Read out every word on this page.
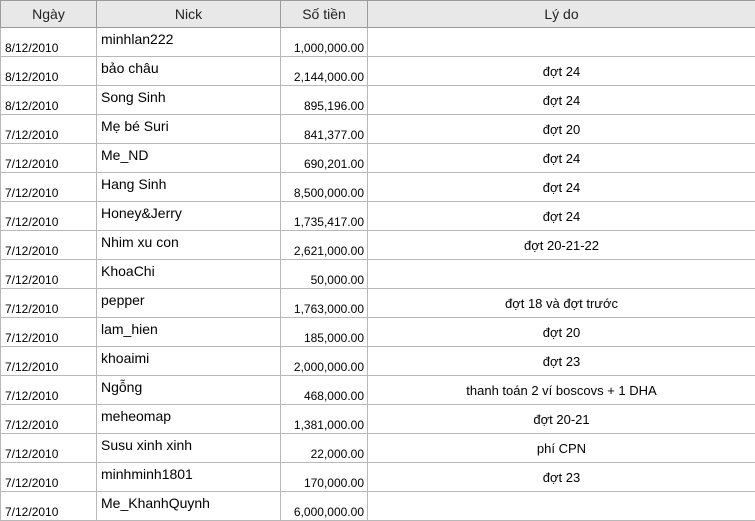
Ngày	Nick	Số tiền	Lý do
8/12/2010	minhlan222	1,000,000.00	
8/12/2010	bảo châu	2,144,000.00	đợt 24
8/12/2010	Song Sinh	895,196.00	đợt 24
7/12/2010	Mẹ bé Suri	841,377.00	đợt 20
7/12/2010	Me_ND	690,201.00	đợt 24
7/12/2010	Hang Sinh	8,500,000.00	đợt 24
7/12/2010	Honey&Jerry	1,735,417.00	đợt 24
7/12/2010	Nhim xu con	2,621,000.00	đợt 20-21-22
7/12/2010	KhoaChi	50,000.00	
7/12/2010	pepper	1,763,000.00	đợt 18 và đợt trước
7/12/2010	lam_hien	185,000.00	đợt 20
7/12/2010	khoaimi	2,000,000.00	đợt 23
7/12/2010	Ngỗng	468,000.00	thanh toán 2 ví boscovs + 1 DHA
7/12/2010	meheomap	1,381,000.00	đợt 20-21
7/12/2010	Susu xinh xinh	22,000.00	phí CPN
7/12/2010	minhminh1801	170,000.00	đợt 23
7/12/2010	Me_KhanhQuynh	6,000,000.00	
